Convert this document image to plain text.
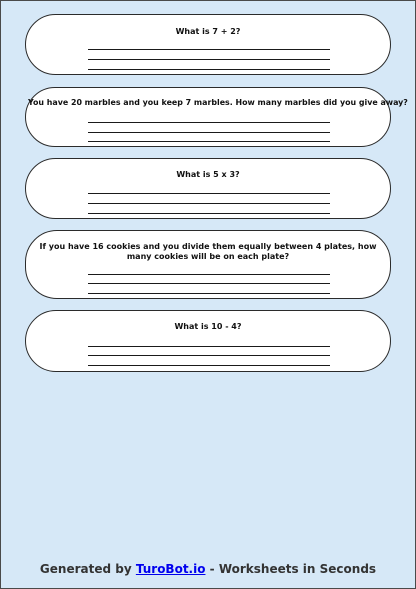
What is 7 + 2?
You have 20 marbles and you keep 7 marbles. How many marbles did you give away?
What is 5 x 3?
If you have 16 cookies and you divide them equally between 4 plates, how many cookies will be on each plate?
What is 10 - 4?
Generated by TuroBot.io - Worksheets in Seconds
